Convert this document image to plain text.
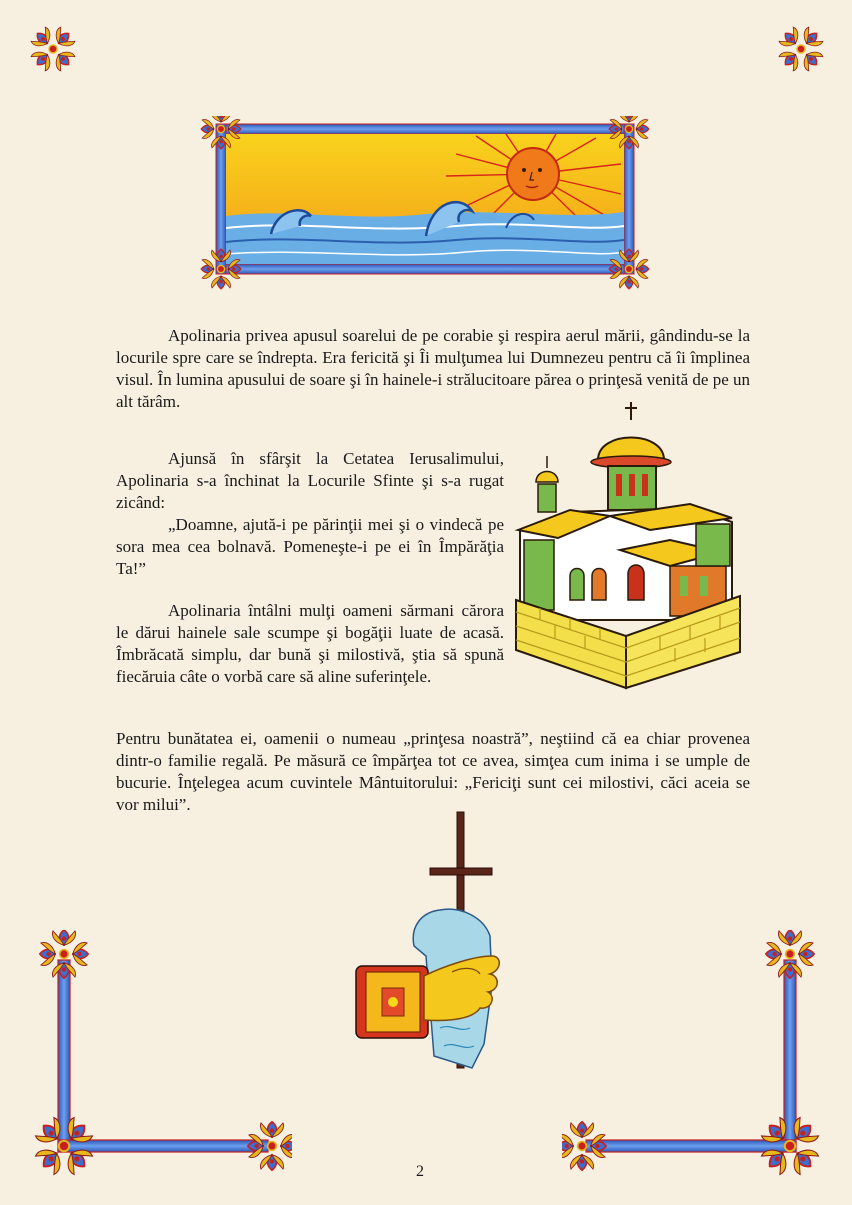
Apolinaria privea apusul soarelui de pe corabie şi respira aerul mării, gândindu-se la locurile spre care se îndrepta. Era fericită şi Îi mulţumea lui Dumnezeu pentru că îi împlinea visul. În lumina apusului de soare şi în hainele-i strălucitoare părea o prinţesă venită de pe un alt tărâm.

Ajunsă în sfârşit la Cetatea Ierusalimului, Apolinaria s-a închinat la Locurile Sfinte şi s-a rugat zicând:

„Doamne, ajută-i pe părinţii mei şi o vindecă pe sora mea cea bolnavă. Pomeneşte-i pe ei în Împărăţia Ta!”

Apolinaria întâlni mulţi oameni sărmani cărora le dărui hainele sale scumpe şi bogăţii luate de acasă. Îmbrăcată simplu, dar bună şi milostivă, ştia să spună fiecăruia câte o vorbă care să aline suferinţele.

Pentru bunătatea ei, oamenii o numeau „prinţesa noastră”, neştiind că ea chiar provenea dintr-o familie regală. Pe măsură ce împărţea tot ce avea, simţea cum inima i se umple de bucurie. Înţelegea acum cuvintele Mântuitorului: „Fericiţi sunt cei milostivi, căci aceia se vor milui”.

2
